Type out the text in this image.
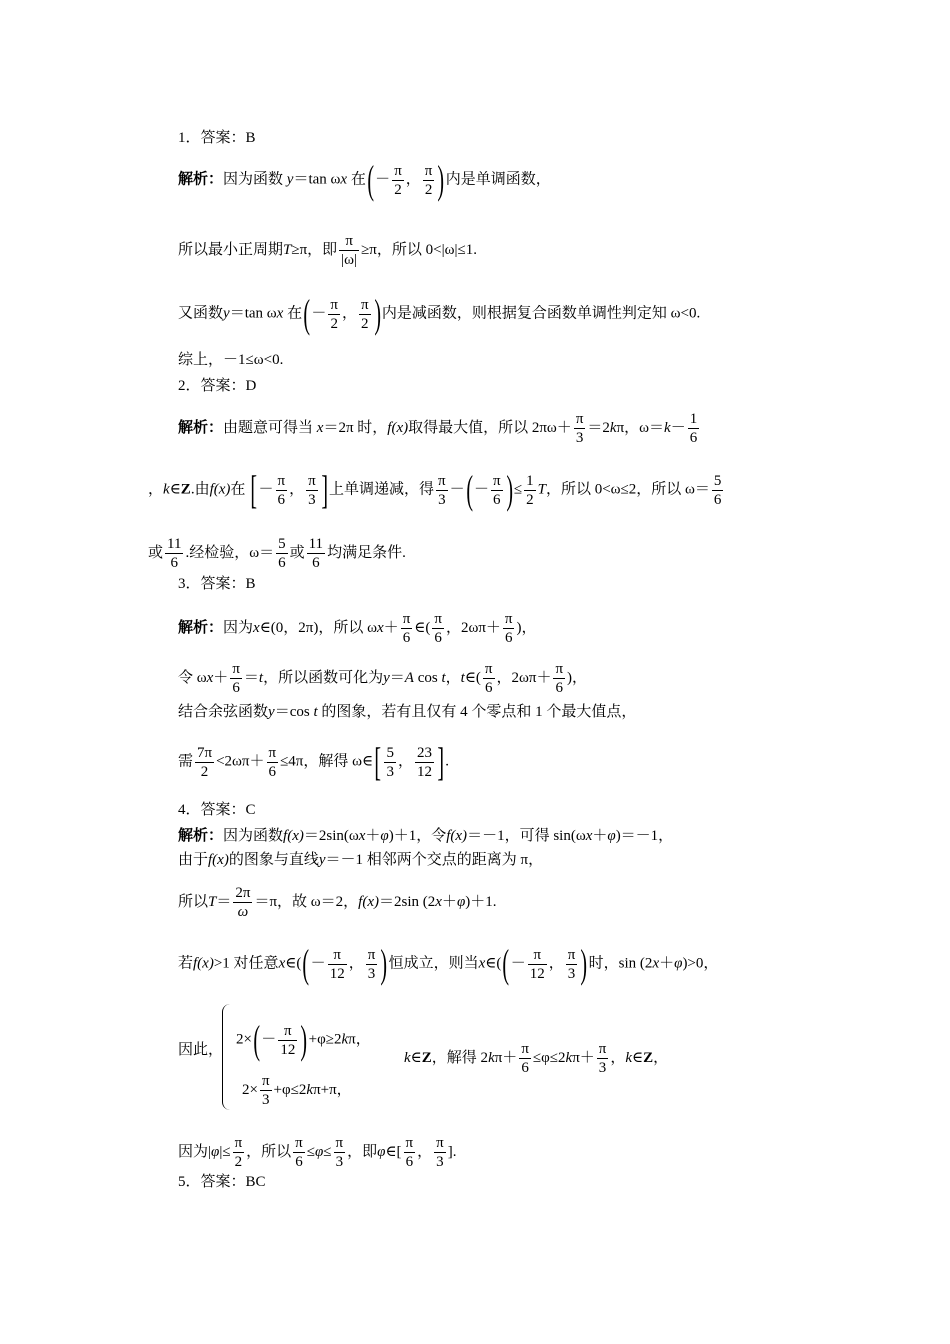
1．答案：B
解析：因为函数 y＝tan ωx 在(－ $\frac{\pi}{2}$ ， $\frac{\pi}{2}$ )内是单调函数，
所以最小正周期T≥π，即 $\frac{\pi}{|\omega|} \ge\pi$，所以 0<|ω|≤1.
又函数y＝tan ωx 在(－ $\frac{\pi}{2}$ ， $\frac{\pi}{2}$ )内是减函数，则根据复合函数单调性判定知 ω<0.
综上，－1≤ω<0.
2．答案：D
解析：由题意可得当 x＝2π 时，f(x)取得最大值，所以 $2\pi\omega+ \frac{\pi}{3} =2k\pi$，$\omega=k- \frac{1}{6}$
，k∈Z.由f(x)在 [－ $\frac{\pi}{6}$ ， $\frac{\pi}{3}$ ]上单调递减，得 $\frac{\pi}{3}$ －(－ $\frac{\pi}{6}$ )≤ $\frac{1}{2}$ T，所以 0<ω≤2，所以 $\omega= \frac{5}{6}$
或 $\frac{11}{6}$ .经检验，$\omega= \frac{5}{6}$ 或 $\frac{11}{6}$ 均满足条件.
3．答案：B
解析：因为x∈(0，2π)，所以 $\omega x+ \frac{\pi}{6}$ ∈( $\frac{\pi}{6}$ ，$2\omega\pi+ \frac{\pi}{6}$ )，
令 $\omega x+ \frac{\pi}{6} =t$，所以函数可化为y＝A cos t，t∈( $\frac{\pi}{6}$ ，$2\omega\pi+ \frac{\pi}{6}$ )，
结合余弦函数y＝cos t 的图象，若有且仅有 4 个零点和 1 个最大值点，
需 $\frac{7\pi}{2} <2\omega\pi+ \frac{\pi}{6} \le 4\pi$，解得 ω∈[ $\frac{5}{3}$ ， $\frac{23}{12}$ ].
4．答案：C
解析：因为函数f(x)＝2sin(ωx＋φ)＋1，令f(x)＝－1，可得 sin(ωx＋φ)＝－1，
由于f(x)的图象与直线y＝－1 相邻两个交点的距离为 π，
所以$T= \frac{2\pi}{\omega} =\pi$，故 ω＝2，f(x)＝2sin (2x＋φ)＋1.
若f(x)>1 对任意x∈((－ $\frac{\pi}{12}$ ， $\frac{\pi}{3}$ )恒成立，则当x∈((－ $\frac{\pi}{12}$ ， $\frac{\pi}{3}$ )时，sin (2x＋φ)>0，
因此，
$2\times(- \frac{\pi}{12} )+\varphi\ge 2k\pi$，
$2\times \frac{\pi}{3} +\varphi\le 2k\pi+\pi$，
k∈Z，解得 $2k\pi+ \frac{\pi}{6} \le\varphi\le 2k\pi+ \frac{\pi}{3}$ ，k∈Z，
因为$|\varphi|\le \frac{\pi}{2}$ ，所以 $\frac{\pi}{6} \le\varphi\le \frac{\pi}{3}$ ，即φ∈[ $\frac{\pi}{6}$ ， $\frac{\pi}{3}$ ].
5．答案：BC
